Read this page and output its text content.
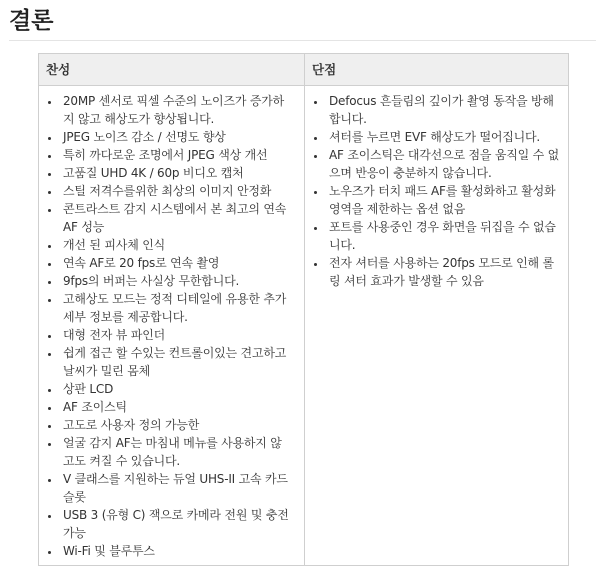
결론
찬성	단점
• 20MP 센서로 픽셀 수준의 노이즈가 증가하지 않고 해상도가 향상됩니다.
• JPEG 노이즈 감소 / 선명도 향상
• 특히 까다로운 조명에서 JPEG 색상 개선
• 고품질 UHD 4K / 60p 비디오 캡처
• 스틸 저격수를위한 최상의 이미지 안정화
• 콘트라스트 감지 시스템에서 본 최고의 연속 AF 성능
• 개선 된 피사체 인식
• 연속 AF로 20 fps로 연속 촬영
• 9fps의 버퍼는 사실상 무한합니다.
• 고해상도 모드는 정적 디테일에 유용한 추가 세부 정보를 제공합니다.
• 대형 전자 뷰 파인더
• 쉽게 접근 할 수있는 컨트롤이있는 견고하고 날씨가 밀린 몸체
• 상판 LCD
• AF 조이스틱
• 고도로 사용자 정의 가능한
• 얼굴 감지 AF는 마침내 메뉴를 사용하지 않고도 켜질 수 있습니다.
• V 클래스를 지원하는 듀얼 UHS-II 고속 카드 슬롯
• USB 3 (유형 C) 잭으로 카메라 전원 및 충전 가능
• Wi-Fi 및 블루투스
• Defocus 흔들림의 깊이가 촬영 동작을 방해합니다.
• 셔터를 누르면 EVF 해상도가 떨어집니다.
• AF 조이스틱은 대각선으로 점을 움직일 수 없으며 반응이 충분하지 않습니다.
• 노우즈가 터치 패드 AF를 활성화하고 활성화 영역을 제한하는 옵션 없음
• 포트를 사용중인 경우 화면을 뒤집을 수 없습니다.
• 전자 셔터를 사용하는 20fps 모드로 인해 롤링 셔터 효과가 발생할 수 있음
